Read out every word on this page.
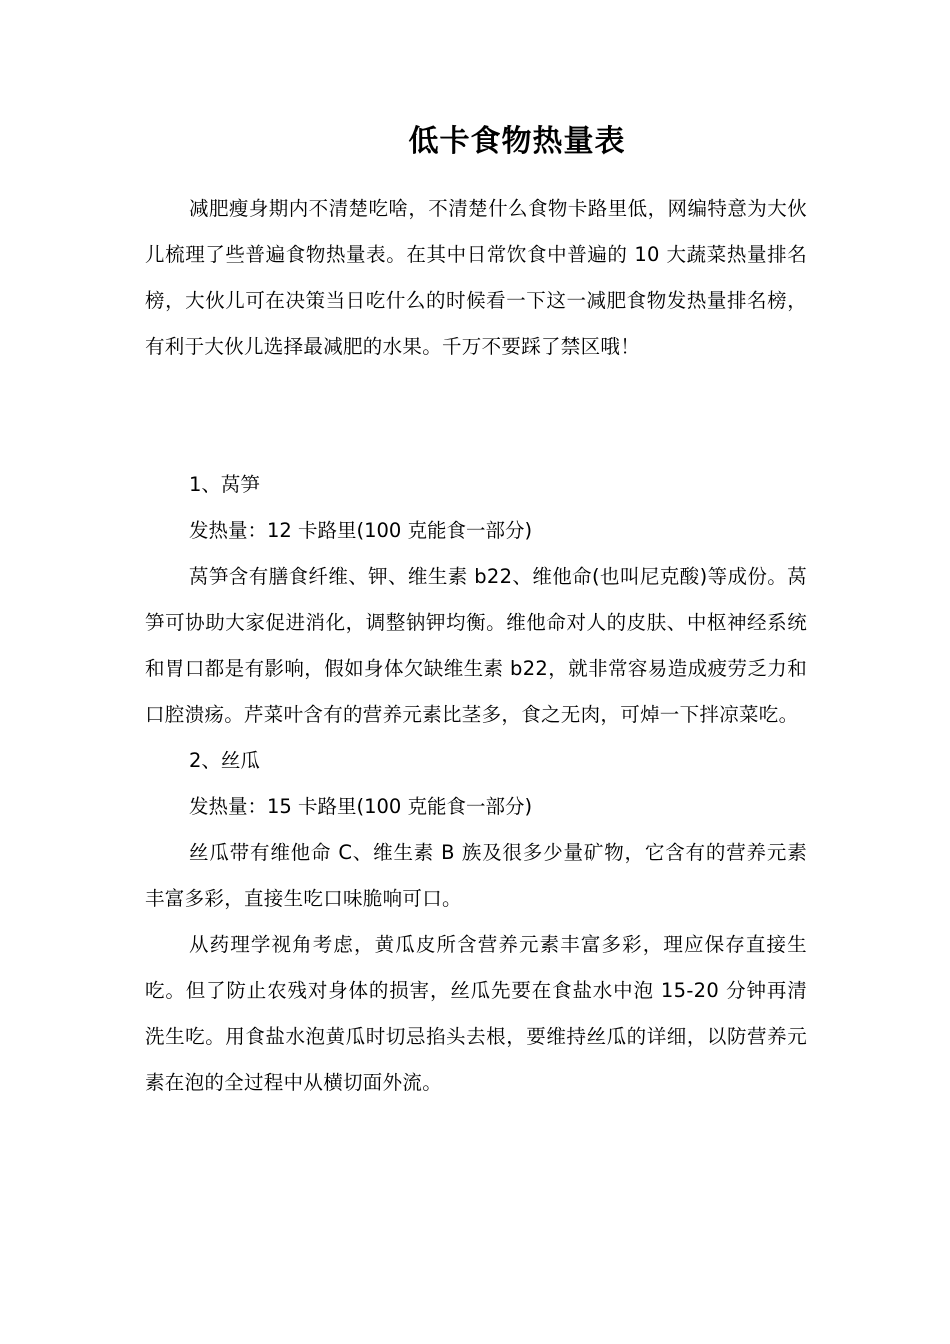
低卡食物热量表

减肥瘦身期内不清楚吃啥，不清楚什么食物卡路里低，网编特意为大伙儿梳理了些普遍食物热量表。在其中日常饮食中普遍的 10 大蔬菜热量排名榜，大伙儿可在决策当日吃什么的时候看一下这一减肥食物发热量排名榜，有利于大伙儿选择最减肥的水果。千万不要踩了禁区哦！

1、莴笋

发热量：12 卡路里(100 克能食一部分)

莴笋含有膳食纤维、钾、维生素 b22、维他命(也叫尼克酸)等成份。莴笋可协助大家促进消化，调整钠钾均衡。维他命对人的皮肤、中枢神经系统和胃口都是有影响，假如身体欠缺维生素 b22，就非常容易造成疲劳乏力和口腔溃疡。芹菜叶含有的营养元素比茎多，食之无肉，可焯一下拌凉菜吃。

2、丝瓜

发热量：15 卡路里(100 克能食一部分)

丝瓜带有维他命 C、维生素 B 族及很多少量矿物，它含有的营养元素丰富多彩，直接生吃口味脆响可口。

从药理学视角考虑，黄瓜皮所含营养元素丰富多彩，理应保存直接生吃。但了防止农残对身体的损害，丝瓜先要在食盐水中泡 15-20 分钟再清洗生吃。用食盐水泡黄瓜时切忌掐头去根，要维持丝瓜的详细，以防营养元素在泡的全过程中从横切面外流。
